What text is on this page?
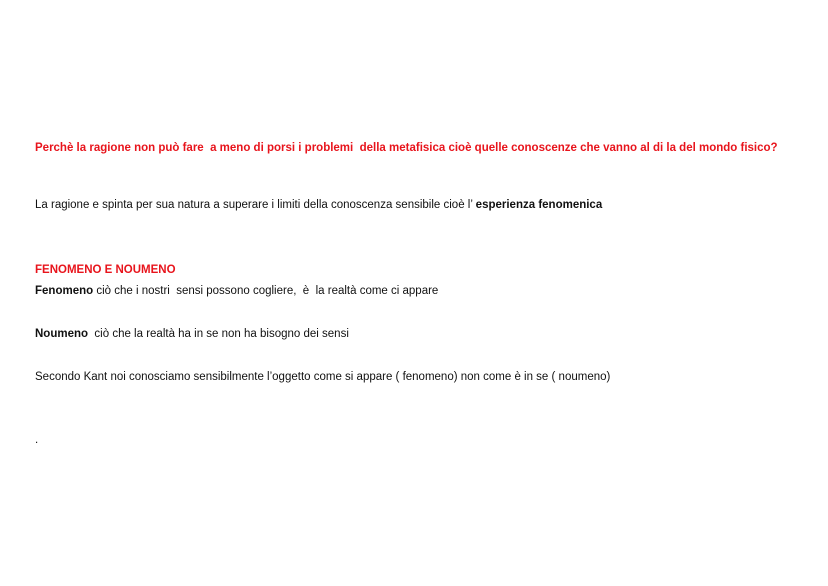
Perchè la ragione non può fare  a meno di porsi i problemi  della metafisica cioè quelle conoscenze che vanno al di la del mondo fisico?
La ragione e spinta per sua natura a superare i limiti della conoscenza sensibile cioè l’ esperienza fenomenica
FENOMENO E NOUMENO
Fenomeno ciò che i nostri  sensi possono cogliere,  è  la realtà come ci appare
Noumeno  ciò che la realtà ha in se non ha bisogno dei sensi
Secondo Kant noi conosciamo sensibilmente l’oggetto come si appare ( fenomeno) non come è in se ( noumeno)
.
